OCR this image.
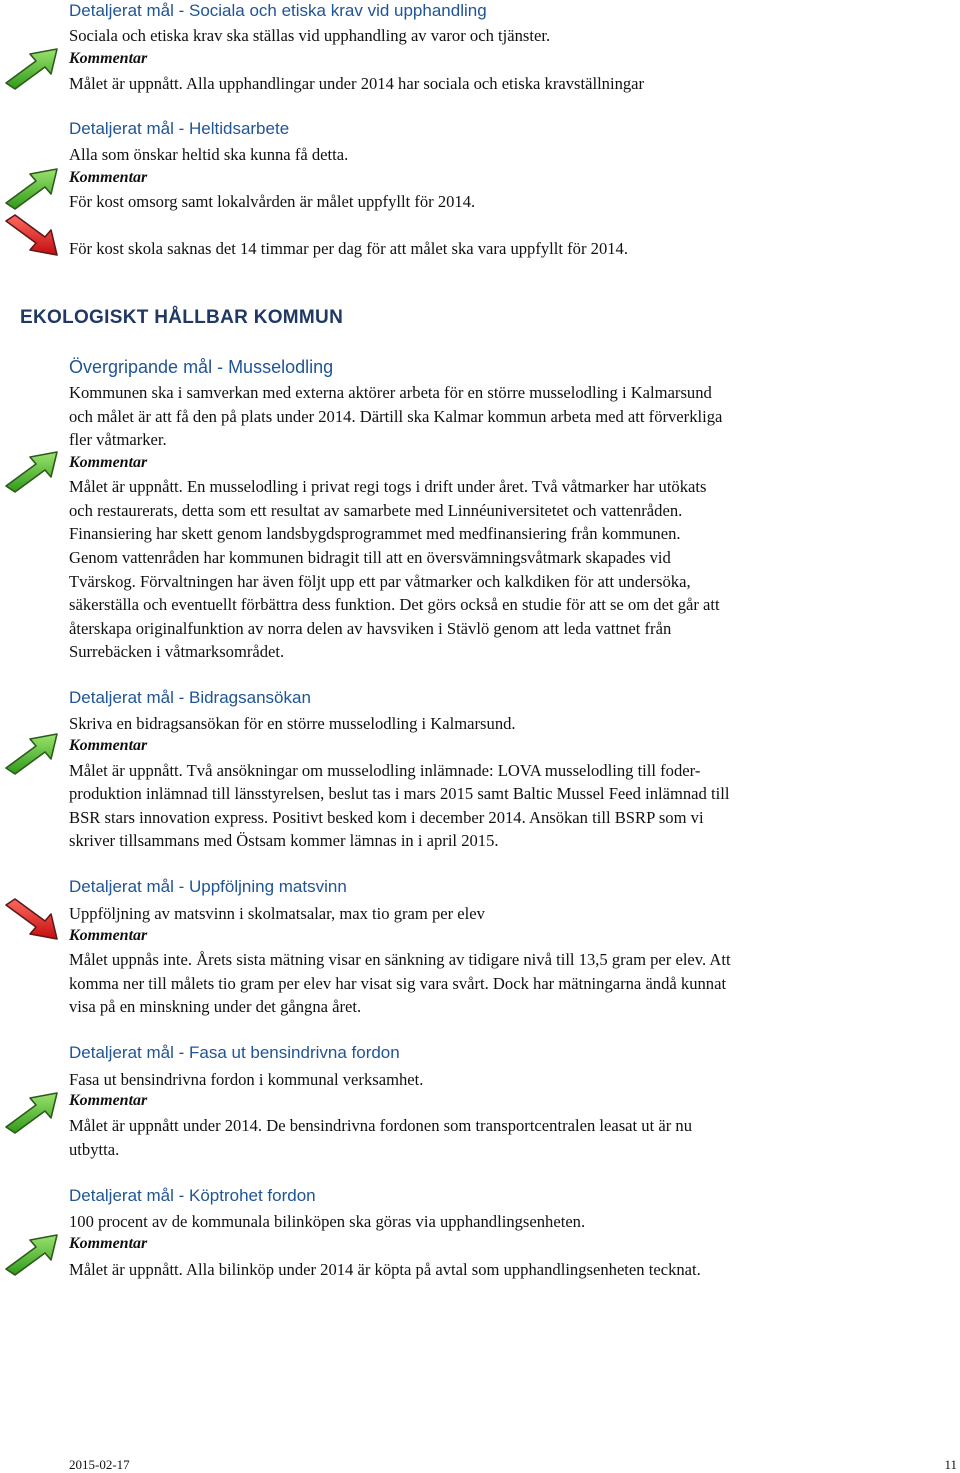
Detaljerat mål - Sociala och etiska krav vid upphandling
Sociala och etiska krav ska ställas vid upphandling av varor och tjänster.
Kommentar
Målet är uppnått. Alla upphandlingar under 2014 har sociala och etiska kravställningar
Detaljerat mål - Heltidsarbete
Alla som önskar heltid ska kunna få detta.
Kommentar
För kost omsorg samt lokalvården är målet uppfyllt för 2014.
För kost skola saknas det 14 timmar per dag för att målet ska vara uppfyllt för 2014.
EKOLOGISKT HÅLLBAR KOMMUN
Övergripande mål - Musselodling
Kommunen ska i samverkan med externa aktörer arbeta för en större musselodling i Kalmarsund
och målet är att få den på plats under 2014. Därtill ska Kalmar kommun arbeta med att förverkliga
fler våtmarker.
Kommentar
Målet är uppnått. En musselodling i privat regi togs i drift under året. Två våtmarker har utökats
och restaurerats, detta som ett resultat av samarbete med Linnéuniversitetet och vattenråden.
Finansiering har skett genom landsbygdsprogrammet med medfinansiering från kommunen.
Genom vattenråden har kommunen bidragit till att en översvämningsvåtmark skapades vid
Tvärskog. Förvaltningen har även följt upp ett par våtmarker och kalkdiken för att undersöka,
säkerställa och eventuellt förbättra dess funktion. Det görs också en studie för att se om det går att
återskapa originalfunktion av norra delen av havsviken i Stävlö genom att leda vattnet från
Surrebäcken i våtmarksområdet.
Detaljerat mål - Bidragsansökan
Skriva en bidragsansökan för en större musselodling i Kalmarsund.
Kommentar
Målet är uppnått. Två ansökningar om musselodling inlämnade: LOVA musselodling till foder-
produktion inlämnad till länsstyrelsen, beslut tas i mars 2015 samt Baltic Mussel Feed inlämnad till
BSR stars innovation express. Positivt besked kom i december 2014. Ansökan till BSRP som vi
skriver tillsammans med Östsam kommer lämnas in i april 2015.
Detaljerat mål - Uppföljning matsvinn
Uppföljning av matsvinn i skolmatsalar, max tio gram per elev
Kommentar
Målet uppnås inte. Årets sista mätning visar en sänkning av tidigare nivå till 13,5 gram per elev. Att
komma ner till målets tio gram per elev har visat sig vara svårt. Dock har mätningarna ändå kunnat
visa på en minskning under det gångna året.
Detaljerat mål - Fasa ut bensindrivna fordon
Fasa ut bensindrivna fordon i kommunal verksamhet.
Kommentar
Målet är uppnått under 2014. De bensindrivna fordonen som transportcentralen leasat ut är nu
utbytta.
Detaljerat mål - Köptrohet fordon
100 procent av de kommunala bilinköpen ska göras via upphandlingsenheten.
Kommentar
Målet är uppnått. Alla bilinköp under 2014 är köpta på avtal som upphandlingsenheten tecknat.
2015-02-17	11
